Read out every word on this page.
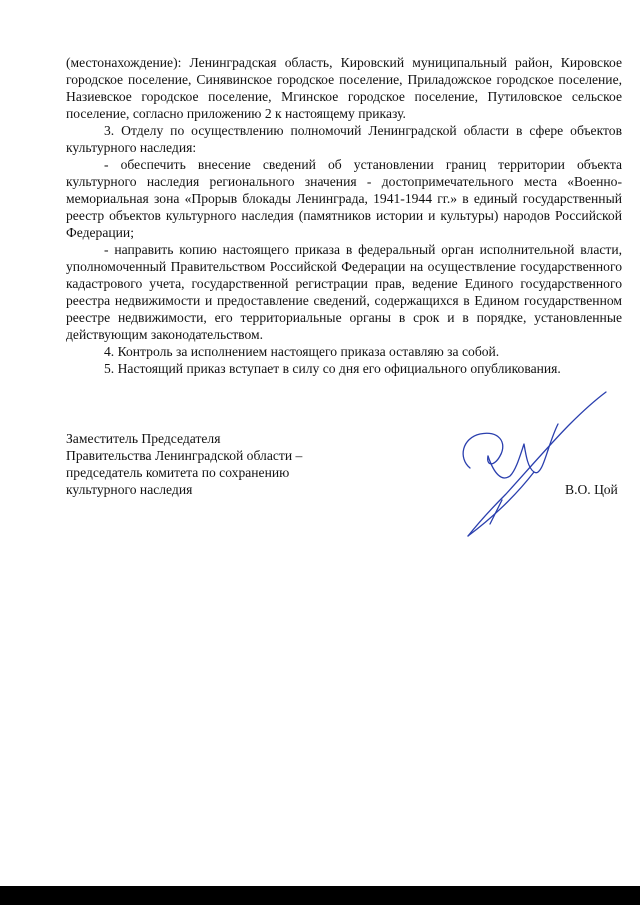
(местонахождение): Ленинградская область, Кировский муниципальный район, Кировское городское поселение, Синявинское городское поселение, Приладожское городское поселение, Назиевское городское поселение, Мгинское городское поселение, Путиловское сельское поселение, согласно приложению 2 к настоящему приказу.

3. Отделу по осуществлению полномочий Ленинградской области в сфере объектов культурного наследия:

- обеспечить внесение сведений об установлении границ территории объекта культурного наследия регионального значения - достопримечательного места «Военно-мемориальная зона «Прорыв блокады Ленинграда, 1941-1944 гг.» в единый государственный реестр объектов культурного наследия (памятников истории и культуры) народов Российской Федерации;

- направить копию настоящего приказа в федеральный орган исполнительной власти, уполномоченный Правительством Российской Федерации на осуществление государственного кадастрового учета, государственной регистрации прав, ведение Единого государственного реестра недвижимости и предоставление сведений, содержащихся в Едином государственном реестре недвижимости, его территориальные органы в срок и в порядке, установленные действующим законодательством.

4. Контроль за исполнением настоящего приказа оставляю за собой.

5. Настоящий приказ вступает в силу со дня его официального опубликования.

Заместитель Председателя
Правительства Ленинградской области –
председатель комитета по сохранению
культурного наследия	В.О. Цой
